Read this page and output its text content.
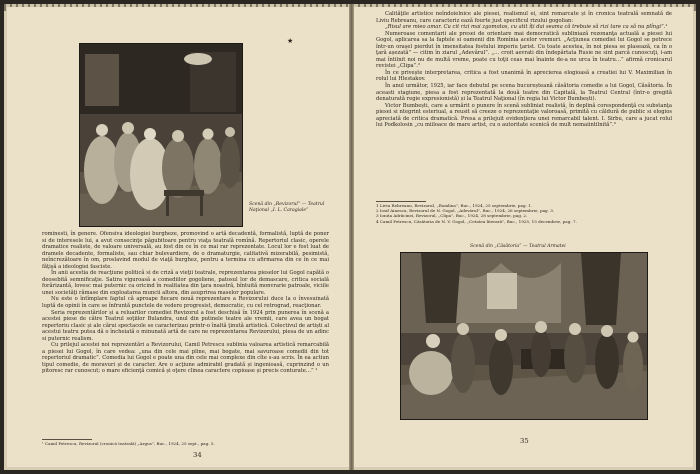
★
Scenă din „Revizorul” — Teatrul Naţional „I. L. Caragiale”

rominesti, în genere. Ofensiva ideologiei burgheze, promovind o artă decadentă, formalistă, luptă de poner si de interesele lui, a avut consecinţe păgubitoare pentru viaţa teatrală romînă. Repertoriul clasic, operele dramatice realiste, de valoare universală, au fost din ce în ce mai rar reprezentate. Locul lor e fost luat de dramele decadente, formaliste, sau chiar bulevardiere, de o dramaturgie, calitativă mizerabilă, pesimistă, neîncrezătoare în om, proslavind modul de viaţă burghez, pentru a termina cu afirmarea din ce în ce mai făţișă a ideologiei fasciste.

În anii acestia de reacţiune politică si de criză a vieţii teatrale, reprezentarea pieselor lui Gogol capătă o deosebită semnificaţie. Satira viguroasă a comediilor gogoliene, patosul lor de demascare, critica socială forărizantă, lovesc mai puternic ca oricind în realitatea din ţara noastră, bîntuită monvrarie patroale, viciile unei societăţi rămase din exploatarea muncii altora, din asuprirea maselor populare.

Nu este o întîmplare faptul că aproape fiecare nouă reprezentare a Revizorului duce la o învesuinată luptă de opinii în care se înfruntă punctele de vedere progresist, democratic, cu cel retrograd, reacţionar.

Seria reprezentărilor și a reluarilor comediei Revizorul a fost deschisă în 1924 prin punerea în scenă a acestei piese de către Teatrul soţiilor Bulandra, unul din putinele teatre ale vremii, care avea un bogat repertoriu clasic și ale cărui spectacole se caracterizau printr-o înaltă ţinută artistică. Colectivul de artiști al acestui teatru putea dă o încheiată o minunată artă de care ne reprezentarea Revizorului, piesa de un adinc si puternic realism.

Cu prilejul acestei noi reprezentări a Revizorului, Camil Petrescu sublinia valoarea artistică remarcabilă a piesei lui Gogol, în care vedea: „una din cele mai pline, mai bogate, mai savuroase comedii din tot repertoriul dramatic”. Comedia lui Gogol e poate una din cele mai complexe din cîte s-au scris. În ea actiun tipul comedie, de moravuri și de caracter. Are o acţiune admirabil gradată și ingenioasă, cuprinzind o un pitoresc rar cunoscut; o mare eficienţă comică și oţere clinea caractere copioase și precis conturate…” ¹

¹ Camil Petrescu, Revizorul (cronică teatrală) „Argus”, Buc., 1924, 25 sept., pag. 5.
34

Calităţile artistice neîndoielnice ale piesei, realismul ei, sint remarcate și în cronica teatrală semnată de Liviu Rebreanu, care caracteriz ează fourte just specificul rizului gogolian:

„Risul are mieo amar. Cu cit rizi mai zgomotos, cu atit îți dai seama că trebuie să rizi tare ca să nu plîngi”.¹

Numeroase comentarii ale presei de orientare mai democratică subliniază rezonanţa actuală a piesei lui Gogol, aplicarea sa la faptele si oamenii din Romînia acelor vremuri. „Acţiunea comediei lui Gogol se petrece într-un orașel pierdut în imensitatea fostului imperiu ţarist. Cu toate acestea, în noi piesa se plasează, ca în o ţară așezată” — citim în ziarul „Adevărul”. „… croit aevrati din îndepărtata Rusie ne sint parcă cunoscuţi, i-am mai întilnit noi nu de multă vreme, poate cu toţii ceas mai înainte de-a ne urca în teatru…” afirmă cronicarul revistei „Clipa”.²

În ce privește interpretarea, critica a fost unanimă în aprecierea elogioasă a creatiei lui V. Maximilian în rolul lui Hlestakov.

În anul următor, 1925, iar face debutul pe scena bucureșteană căsătoria comedie a lui Gogol, Căsătoria. În aceasti stagiune, piesa a fost reprezentată la două teatre din Capitală, la Teatrul Central (într-o gregită denaturată regie expresionistă) și la Teatrul Naţional (în regia lui Victor Bumbești).

Victor Bumbești, care a urmărit o punere în scenă subliniat realistă, în deplină corespondenţă cu substanţa piesei si ntegrint esteriual, a reusit să creeze o reprezentaţie valoroasă, primită cu căldură de public si elogios apreciată de critica dramatică. Presa a prilejuit evidenţiera unei remarcabil talent. I. Sirbu, care a jucat rolul lui Podkolosin „cu miiloace de mare artist, cu o autoritate scenică de mult nemaiintilnită”.³

1 Liviu Rebreanu, Revizorul, „Romlina”, Buc., 1924, 25 septembrie, pag. 1.
2 Iosif Ainescu, Revizorul de N. Gogol, „Adevărul”, Buc., 1924, 26 septembrie, pag. 3.
3 Ionita Adrâcinei, Revizorul, „Clipa”, Buc., 1924, 28 septembrie, pag. 2.
4 Camil Petrescu, Căsătoria de N. V. Gogol, „Cetatea literară”, Buc., 1925, 15 decembrie, pag. 7.
Scenă din „Căsătoria” — Teatrul Armatei
35
